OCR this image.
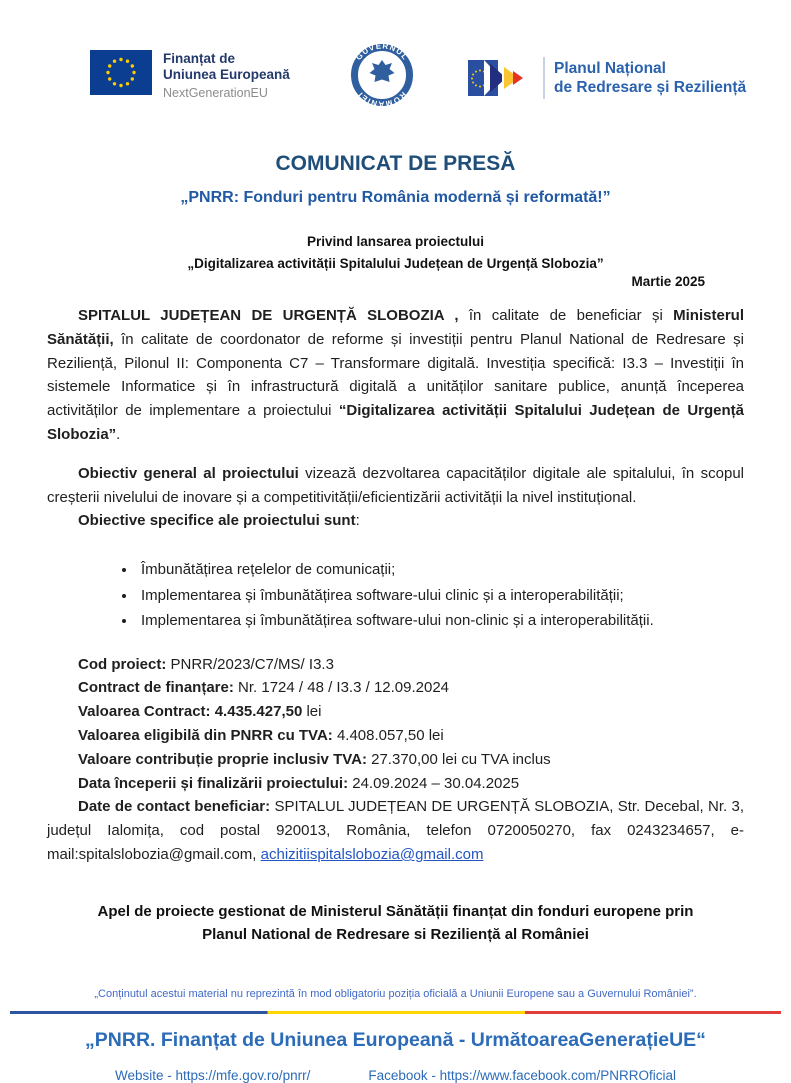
Finanțat de
Uniunea Europeană
NextGenerationEU
GUVERNUL
ROMÂNIEI
Planul Național
de Redresare și Reziliență
COMUNICAT DE PRESĂ
„PNRR: Fonduri pentru România modernă și reformată!”
Privind lansarea proiectului
„Digitalizarea activității Spitalului Județean de Urgență Slobozia”
Martie 2025

SPITALUL JUDEȚEAN DE URGENȚĂ SLOBOZIA , în calitate de beneficiar și Ministerul Sănătății, în calitate de coordonator de reforme și investiții pentru Planul National de Redresare și Reziliență, Pilonul II: Componenta C7 – Transformare digitală. Investiția specifică: I3.3 – Investiții în sistemele Informatice și în infrastructură digitală a unităților sanitare publice, anunță începerea activităților de implementare a proiectului “Digitalizarea activității Spitalului Județean de Urgență Slobozia”.

Obiectiv general al proiectului vizează dezvoltarea capacităților digitale ale spitalului, în scopul creșterii nivelului de inovare și a competitivității/eficientizării activității la nivel instituțional.

Obiective specifice ale proiectului sunt:

• Îmbunătățirea rețelelor de comunicații;
• Implementarea și îmbunătățirea software-ului clinic și a interoperabilității;
• Implementarea și îmbunătățirea software-ului non-clinic și a interoperabilității.
Cod proiect: PNRR/2023/C7/MS/ I3.3
Contract de finanțare: Nr. 1724 / 48 / I3.3 / 12.09.2024
Valoarea Contract: 4.435.427,50 lei
Valoarea eligibilă din PNRR cu TVA: 4.408.057,50 lei
Valoare contribuție proprie inclusiv TVA: 27.370,00 lei cu TVA inclus
Data începerii și finalizării proiectului: 24.09.2024 – 30.04.2025

Date de contact beneficiar: SPITALUL JUDEȚEAN DE URGENȚĂ SLOBOZIA, Str. Decebal, Nr. 3, județul Ialomița, cod postal 920013, România, telefon 0720050270, fax 0243234657, e-mail:spitalslobozia@gmail.com, achizitiispitalslobozia@gmail.com

Apel de proiecte gestionat de Ministerul Sănătății finanțat din fonduri europene prin Planul National de Redresare si Reziliență al României
„Conținutul acestui material nu reprezintă în mod obligatoriu poziția oficială a Uniunii Europene sau a Guvernului României”.
„PNRR. Finanțat de Uniunea Europeană - UrmătoareaGenerațieUE“
Website - https://mfe.gov.ro/pnrr/	Facebook - https://www.facebook.com/PNRROficial
